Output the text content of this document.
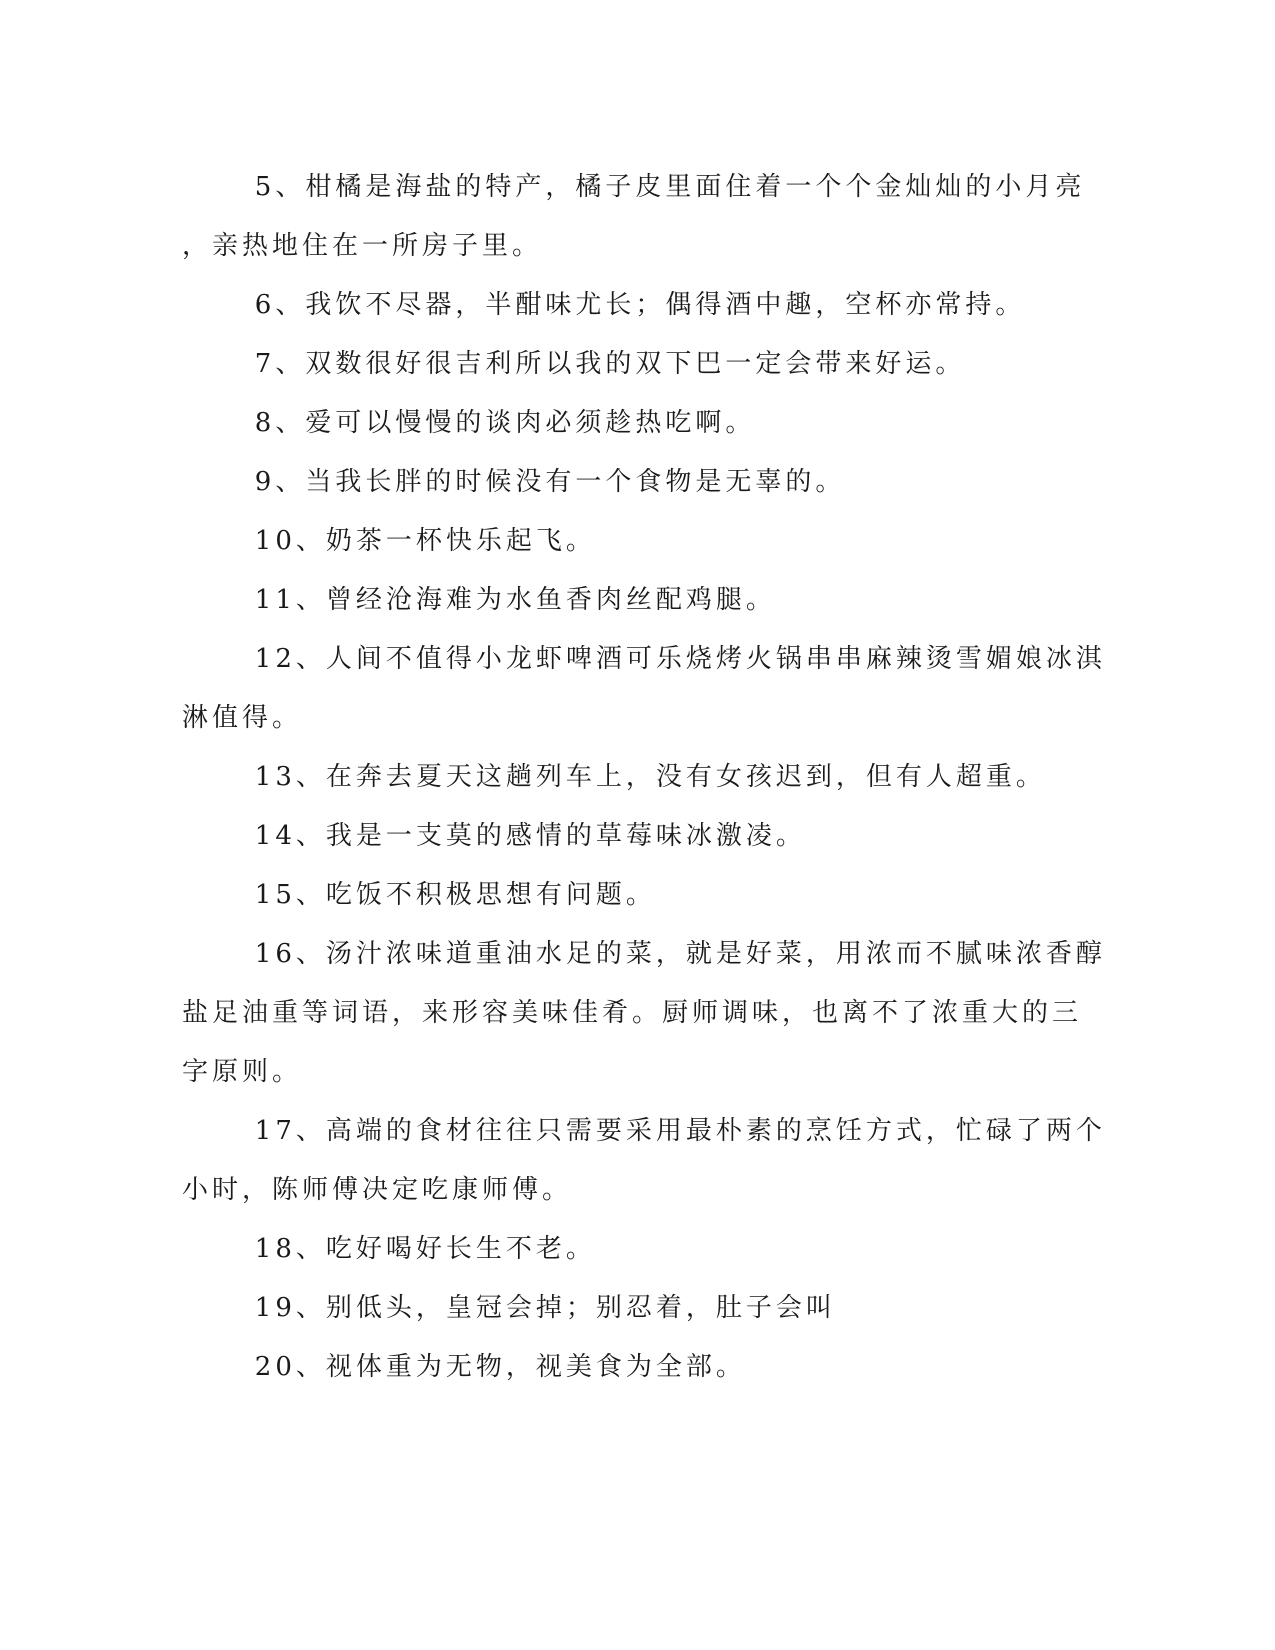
5、柑橘是海盐的特产，橘子皮里面住着一个个金灿灿的小月亮
，亲热地住在一所房子里。

6、我饮不尽器，半酣味尤长；偶得酒中趣，空杯亦常持。

7、双数很好很吉利所以我的双下巴一定会带来好运。

8、爱可以慢慢的谈肉必须趁热吃啊。

9、当我长胖的时候没有一个食物是无辜的。

10、奶茶一杯快乐起飞。

11、曾经沧海难为水鱼香肉丝配鸡腿。

12、人间不值得小龙虾啤酒可乐烧烤火锅串串麻辣烫雪媚娘冰淇
淋值得。

13、在奔去夏天这趟列车上，没有女孩迟到，但有人超重。

14、我是一支莫的感情的草莓味冰激凌。

15、吃饭不积极思想有问题。

16、汤汁浓味道重油水足的菜，就是好菜，用浓而不腻味浓香醇
盐足油重等词语，来形容美味佳肴。厨师调味，也离不了浓重大的三
字原则。

17、高端的食材往往只需要采用最朴素的烹饪方式，忙碌了两个
小时，陈师傅决定吃康师傅。

18、吃好喝好长生不老。

19、别低头，皇冠会掉；别忍着，肚子会叫

20、视体重为无物，视美食为全部。
